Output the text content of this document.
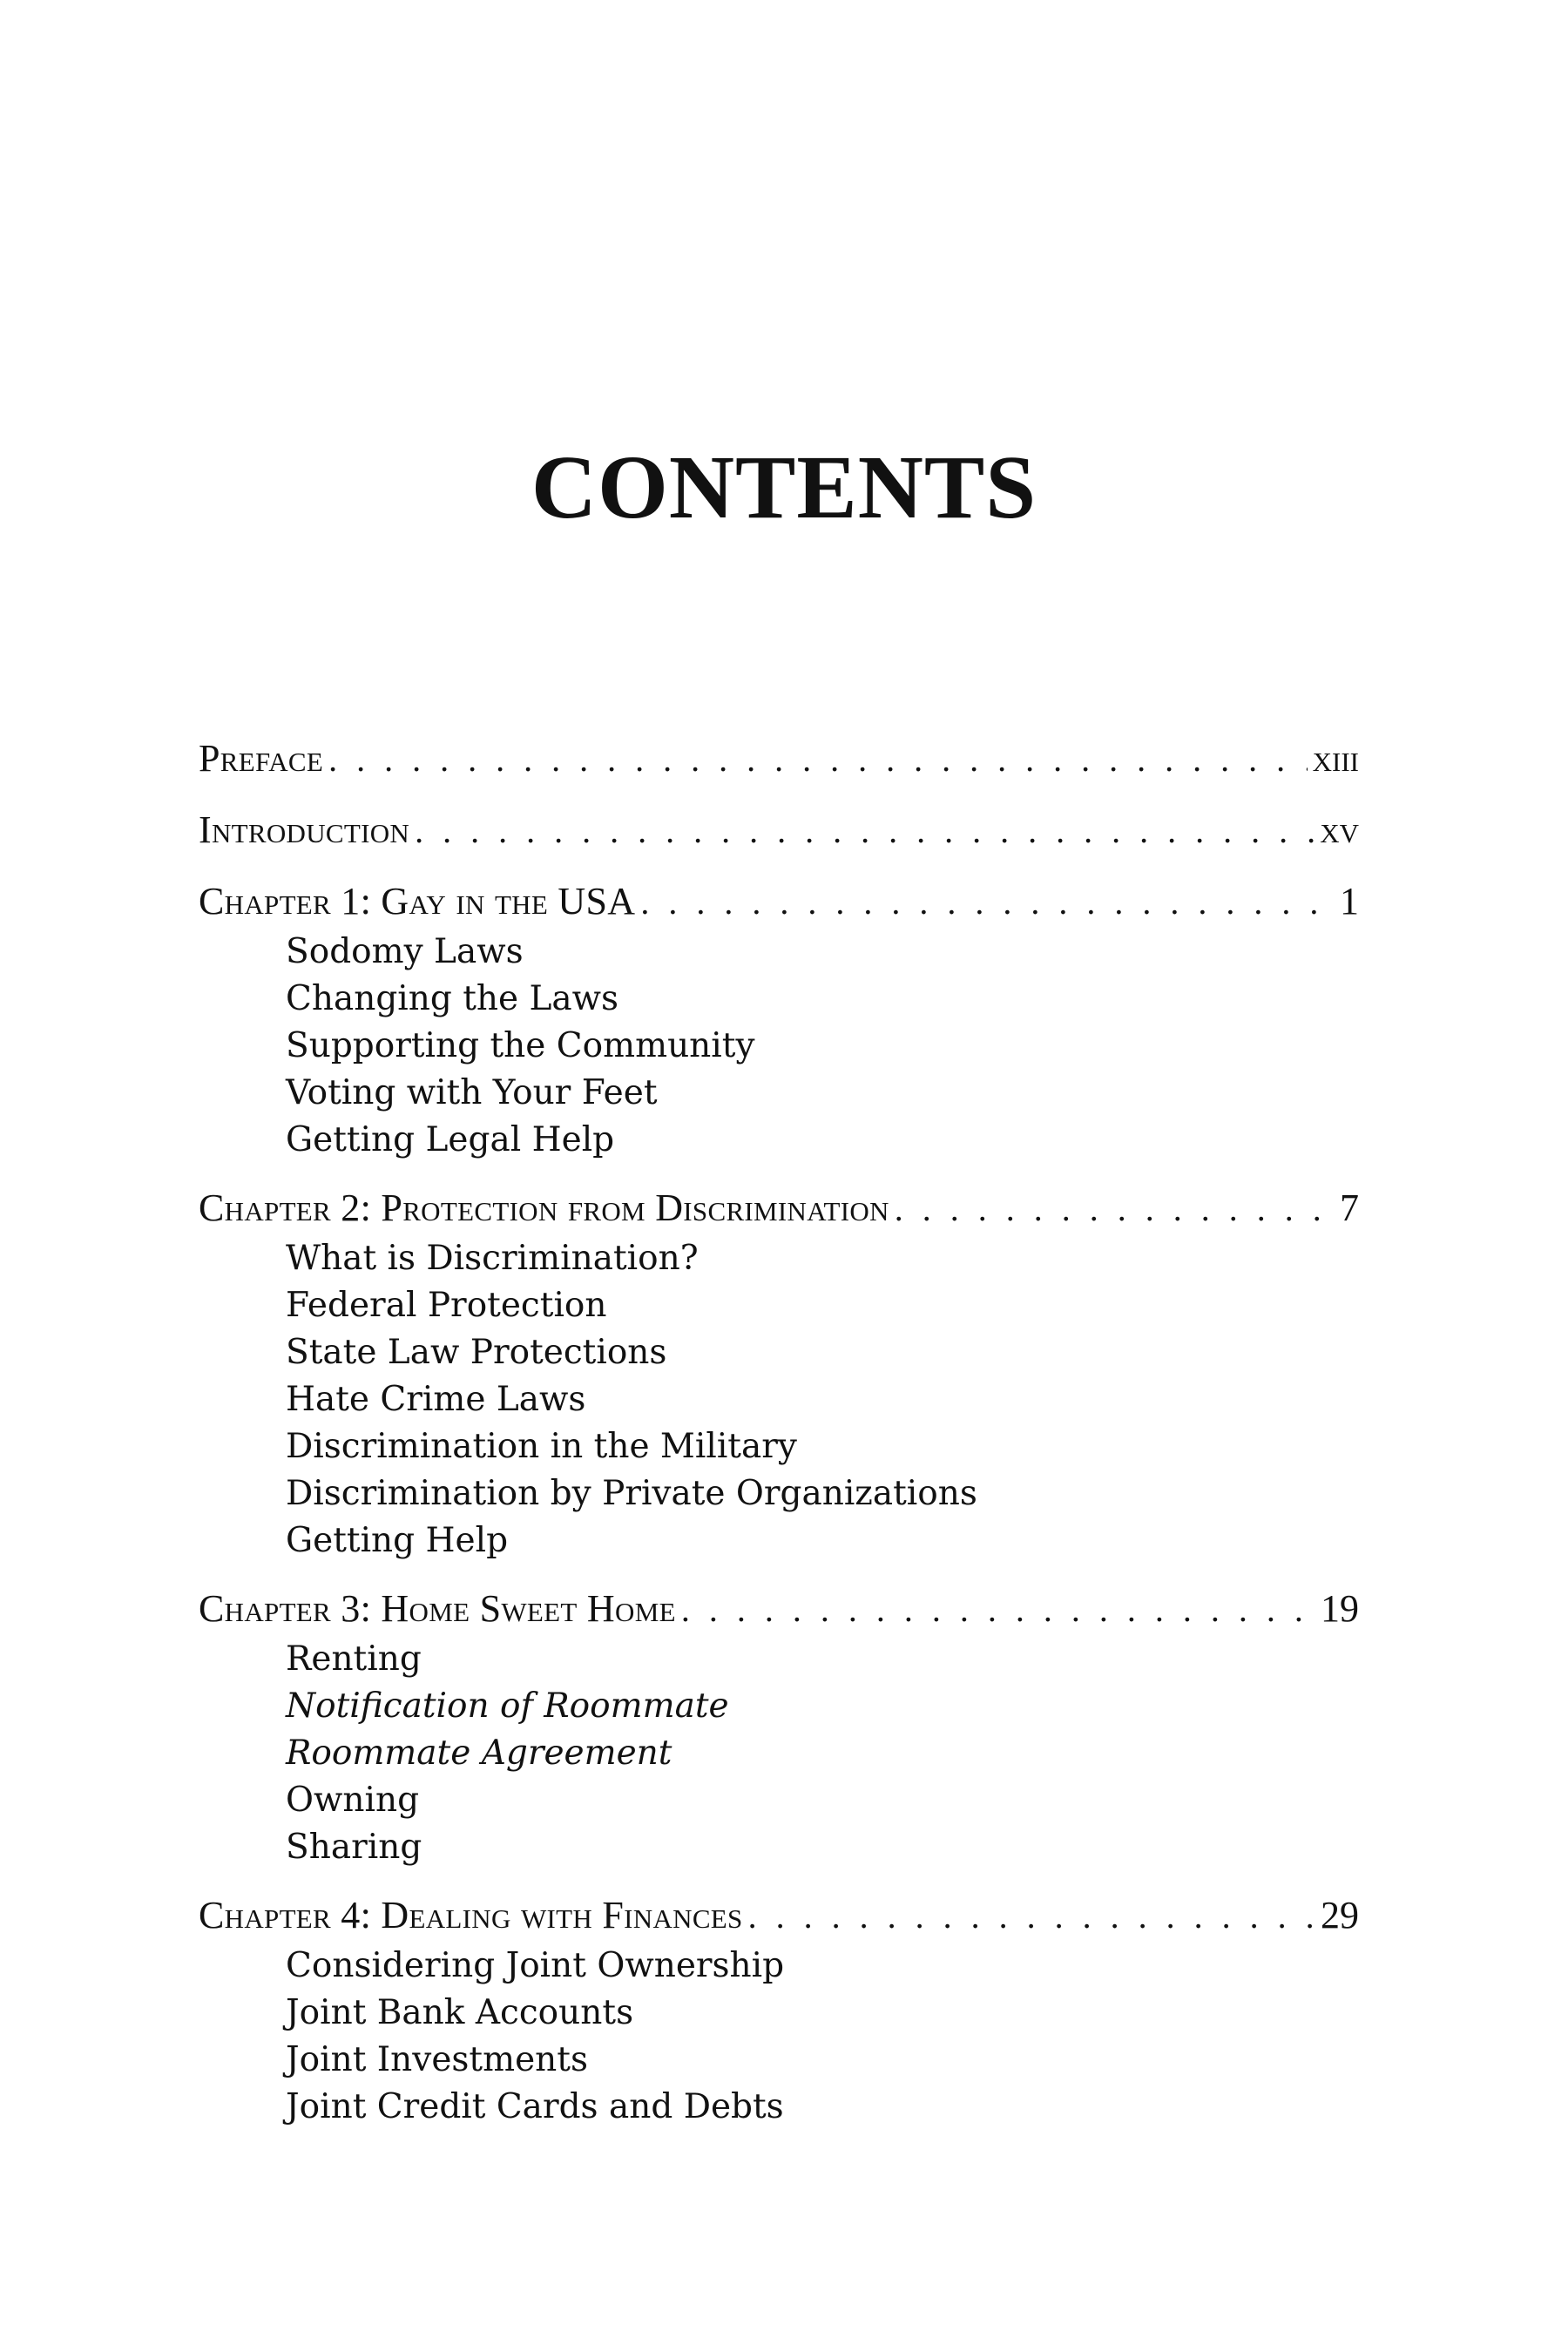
CONTENTS
Preface . . .	xiii
Introduction . . .	xv
Chapter 1: Gay in the USA . . .	1
Sodomy Laws
Changing the Laws
Supporting the Community
Voting with Your Feet
Getting Legal Help
Chapter 2: Protection from Discrimination . . .	7
What is Discrimination?
Federal Protection
State Law Protections
Hate Crime Laws
Discrimination in the Military
Discrimination by Private Organizations
Getting Help
Chapter 3: Home Sweet Home . . .	19
Renting
Notification of Roommate
Roommate Agreement
Owning
Sharing
Chapter 4: Dealing with Finances . . .	29
Considering Joint Ownership
Joint Bank Accounts
Joint Investments
Joint Credit Cards and Debts
